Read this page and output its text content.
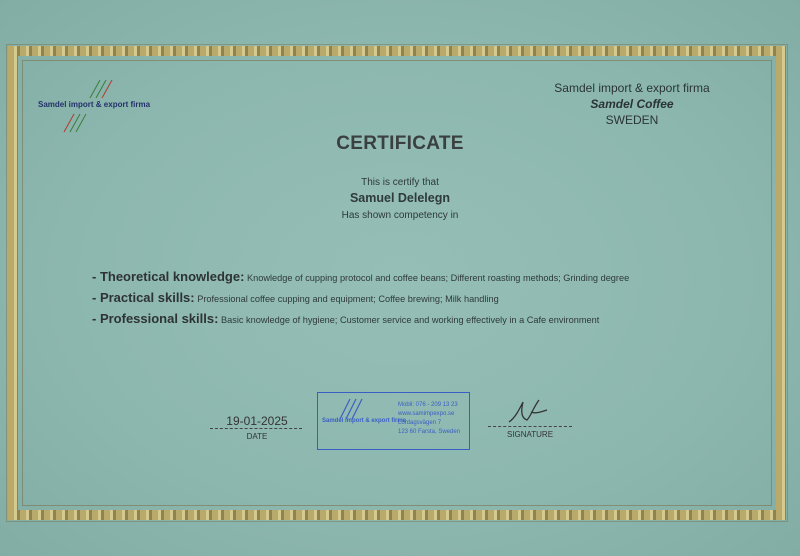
Samdel import & export firma
Samdel import & export firma
Samdel Coffee
SWEDEN
CERTIFICATE
This is certify that
Samuel Delelegn
Has shown competency in
- Theoretical knowledge: Knowledge of cupping protocol and coffee beans; Different roasting methods; Grinding degree
- Practical skills: Professional coffee cupping and equipment; Coffee brewing; Milk handling
- Professional skills: Basic knowledge of hygiene; Customer service and working effectively in a Cafe environment
19-01-2025
DATE
Samdel import & export firma
Mobil: 076 - 209 13 23
www.samimpexpo.se
Lördagsvägen 7
123 60 Farsta, Sweden	SIGNATURE
